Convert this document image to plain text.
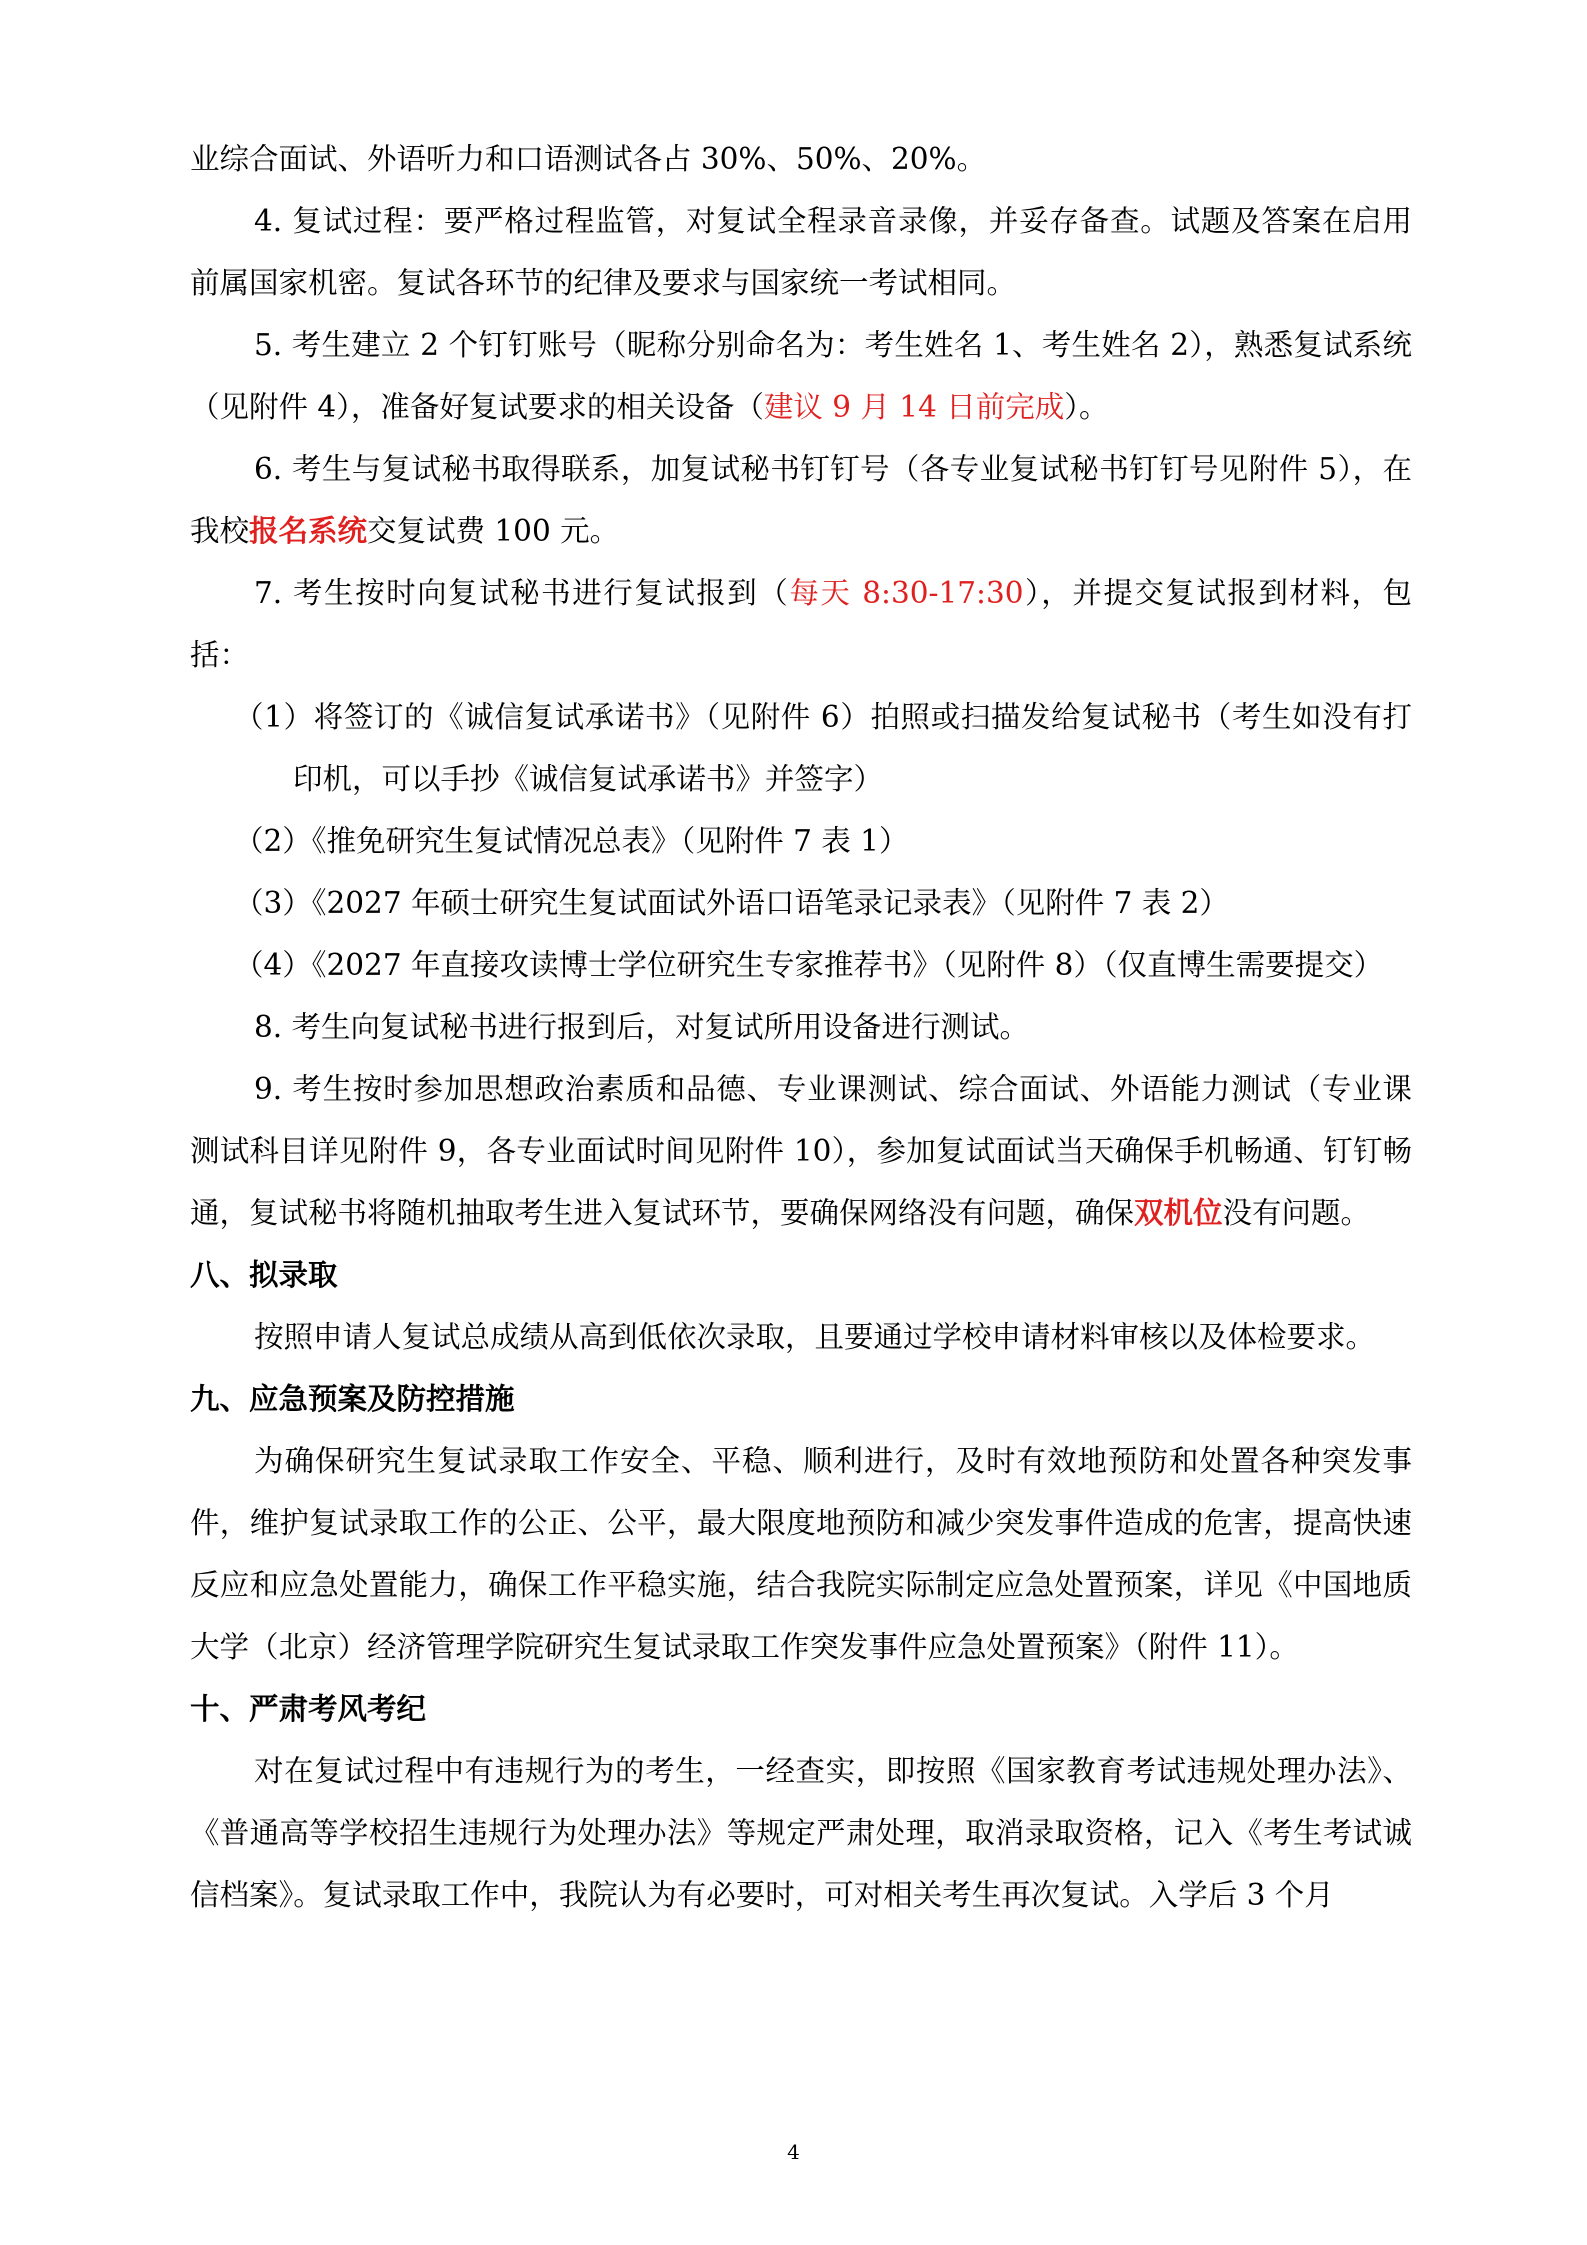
业综合面试、外语听力和口语测试各占 30%、50%、20%。

4. 复试过程：要严格过程监管，对复试全程录音录像，并妥存备查。试题及答案在启用前属国家机密。复试各环节的纪律及要求与国家统一考试相同。

5. 考生建立 2 个钉钉账号（昵称分别命名为：考生姓名 1、考生姓名 2），熟悉复试系统（见附件 4），准备好复试要求的相关设备（建议 9 月 14 日前完成）。

6. 考生与复试秘书取得联系，加复试秘书钉钉号（各专业复试秘书钉钉号见附件 5），在我校报名系统交复试费 100 元。

7. 考生按时向复试秘书进行复试报到（每天 8:30-17:30），并提交复试报到材料，包括：

（1）将签订的《诚信复试承诺书》（见附件 6）拍照或扫描发给复试秘书（考生如没有打印机，可以手抄《诚信复试承诺书》并签字）

（2）《推免研究生复试情况总表》（见附件 7 表 1）

（3）《2027 年硕士研究生复试面试外语口语笔录记录表》（见附件 7 表 2）

（4）《2027 年直接攻读博士学位研究生专家推荐书》（见附件 8）（仅直博生需要提交）

8. 考生向复试秘书进行报到后，对复试所用设备进行测试。

9. 考生按时参加思想政治素质和品德、专业课测试、综合面试、外语能力测试（专业课测试科目详见附件 9，各专业面试时间见附件 10），参加复试面试当天确保手机畅通、钉钉畅通，复试秘书将随机抽取考生进入复试环节，要确保网络没有问题，确保双机位没有问题。

八、拟录取

按照申请人复试总成绩从高到低依次录取，且要通过学校申请材料审核以及体检要求。

九、应急预案及防控措施

为确保研究生复试录取工作安全、平稳、顺利进行，及时有效地预防和处置各种突发事件，维护复试录取工作的公正、公平，最大限度地预防和减少突发事件造成的危害，提高快速反应和应急处置能力，确保工作平稳实施，结合我院实际制定应急处置预案，详见《中国地质大学（北京）经济管理学院研究生复试录取工作突发事件应急处置预案》（附件 11）。

十、严肃考风考纪

对在复试过程中有违规行为的考生，一经查实，即按照《国家教育考试违规处理办法》、《普通高等学校招生违规行为处理办法》等规定严肃处理，取消录取资格，记入《考生考试诚信档案》。复试录取工作中，我院认为有必要时，可对相关考生再次复试。入学后 3 个月

4
